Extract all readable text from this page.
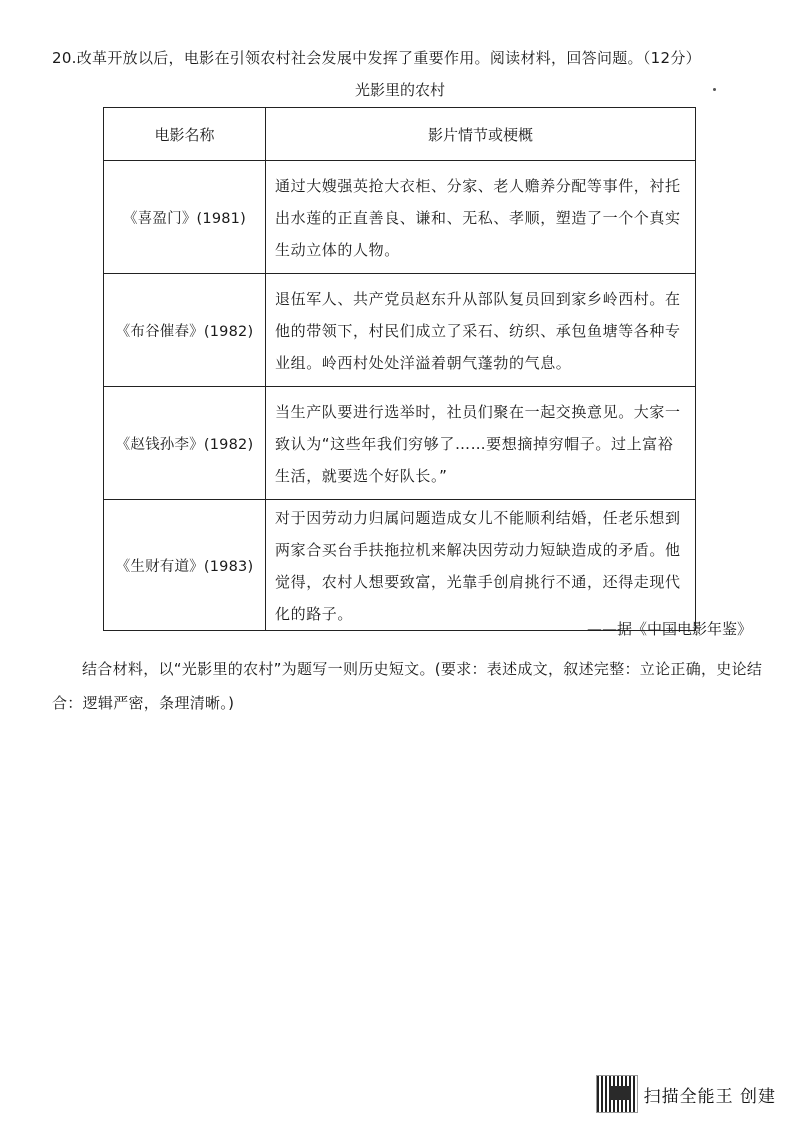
20.改革开放以后，电影在引领农村社会发展中发挥了重要作用。阅读材料，回答问题。（12分）
光影里的农村
电影名称	影片情节或梗概
《喜盈门》(1981)	通过大嫂强英抢大衣柜、分家、老人赡养分配等事件，衬托出水莲的正直善良、谦和、无私、孝顺，塑造了一个个真实生动立体的人物。
《布谷催春》(1982)	退伍军人、共产党员赵东升从部队复员回到家乡岭西村。在他的带领下，村民们成立了采石、纺织、承包鱼塘等各种专业组。岭西村处处洋溢着朝气蓬勃的气息。
《赵钱孙李》(1982)	当生产队要进行选举时，社员们聚在一起交换意见。大家一致认为“这些年我们穷够了……要想摘掉穷帽子。过上富裕生活，就要选个好队长。”
《生财有道》(1983)	对于因劳动力归属问题造成女儿不能顺利结婚，任老乐想到两家合买台手扶拖拉机来解决因劳动力短缺造成的矛盾。他觉得，农村人想要致富，光靠手创肩挑行不通，还得走现代化的路子。
——据《中国电影年鉴》
结合材料，以“光影里的农村”为题写一则历史短文。(要求：表述成文，叙述完整：立论正确，史论结合：逻辑严密，条理清晰。)
扫描全能王 创建
